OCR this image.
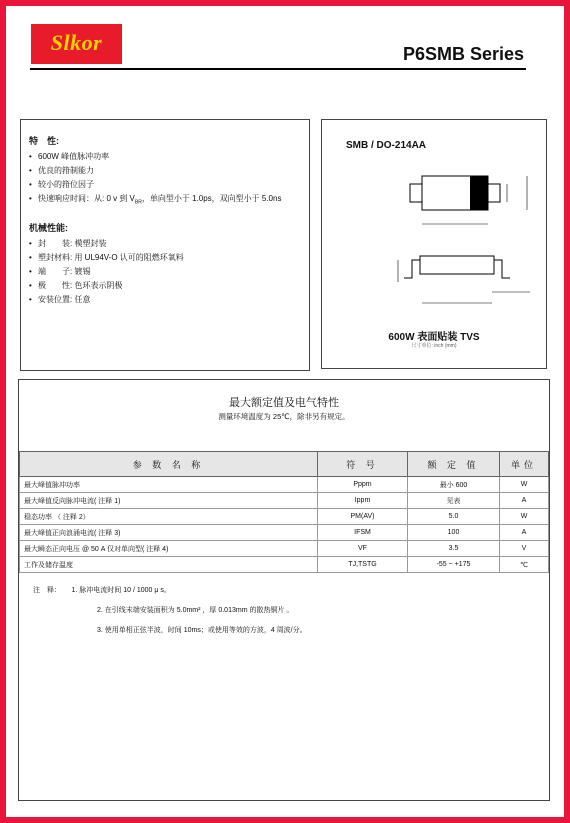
Slkor	P6SMB Series
特　性:
• 600W 峰值脉冲功率
• 优良的箝制能力
• 较小的箝位因子
• 快速响应时间：从: 0 v 到 $V_{BR}$，单向型小于 1.0ps，双向型小于 5.0ns
机械性能:
• 封　　装: 模塑封装
• 塑封材料: 用 UL94V-O 认可的阻燃环氧料
• 端　　子: 镀锡
• 极　　性: 色环表示阴极
• 安装位置: 任意
SMB / DO-214AA
600W 表面贴装 TVS
尺寸单位: inch (mm)
最大额定值及电气特性
测量环境温度为 25℃，除非另有规定。
参 数 名 称	符 号	额 定 值	单位
最大峰值脉冲功率	Pppm	最小 600	W
最大峰值反向脉冲电流( 注释 1)	Ippm	见表	A
稳态功率 （ 注释 2）	PM(AV)	5.0	W
最大峰值正向浪涌电流( 注释 3)	IFSM	100	A
最大瞬态正向电压 @ 50 A 仅对单向型( 注释 4)	VF	3.5	V
工作及储存温度	TJ,TSTG	-55 ~ +175	℃
注　释：　　 1. 脉冲电流时间 10 / 1000 μ s。
2. 在引线末端安装面积为 5.0mm² ，厚 0.013mm 的散热铜片 。
3. 使用单相正弦半波，时间 10ms；或使用等效的方波，4 周波/分。
